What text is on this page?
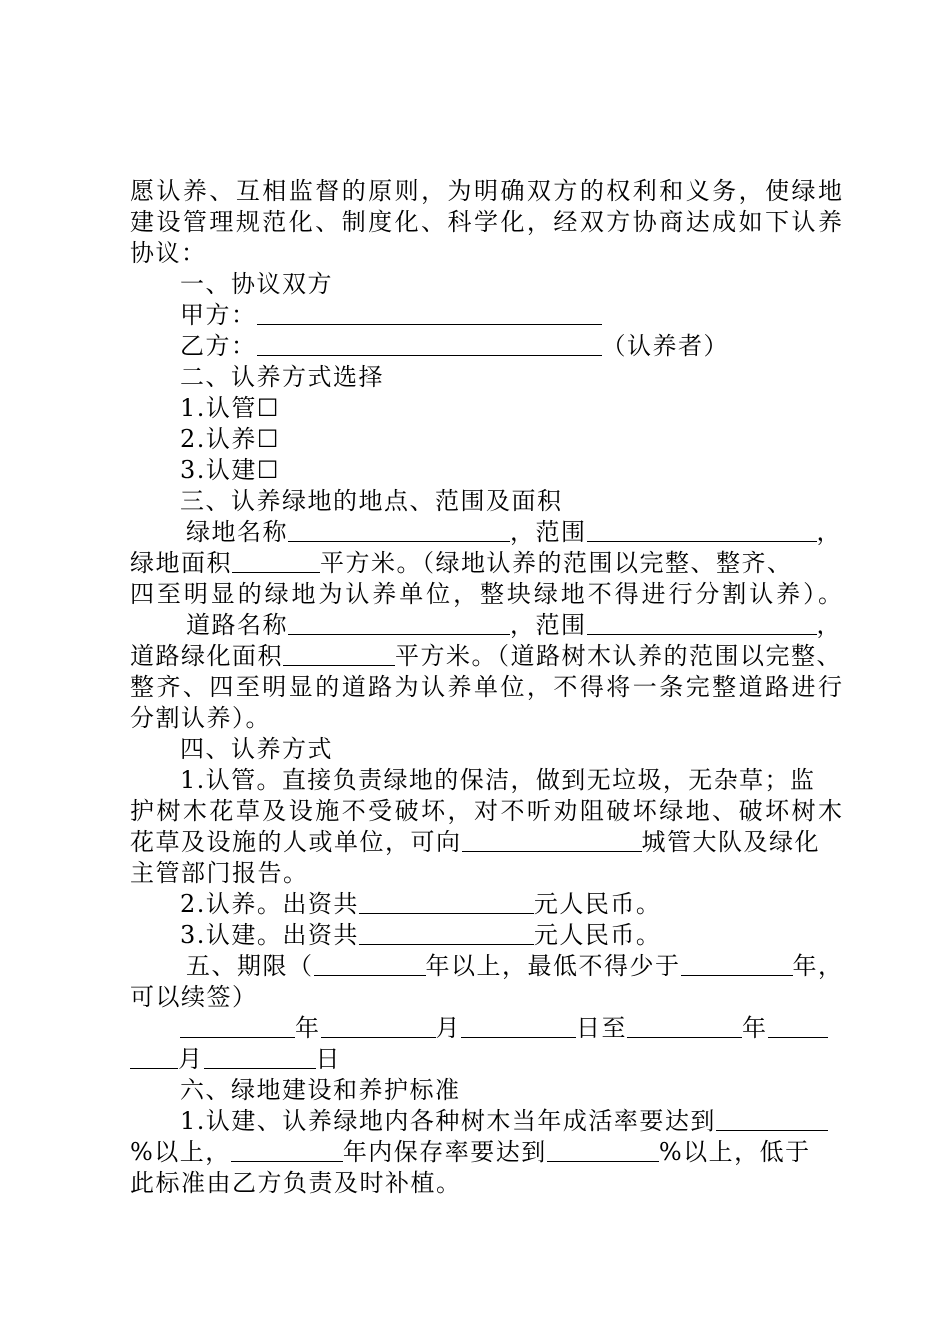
愿认养、互相监督的原则，为明确双方的权利和义务，使绿地
建设管理规范化、制度化、科学化，经双方协商达成如下认养
协议：
一、协议双方
甲方：
乙方：	（认养者）
二、认养方式选择
1.认管☐
2.认养☐
3.认建☐
三、认养绿地的地点、范围及面积
绿地名称	，范围	，
绿地面积	平方米。（绿地认养的范围以完整、整齐、
四至明显的绿地为认养单位，整块绿地不得进行分割认养）。
道路名称	，范围	，
道路绿化面积	平方米。（道路树木认养的范围以完整、
整齐、四至明显的道路为认养单位，不得将一条完整道路进行
分割认养）。
四、认养方式
1.认管。直接负责绿地的保洁，做到无垃圾，无杂草；监
护树木花草及设施不受破坏，对不听劝阻破坏绿地、破坏树木
花草及设施的人或单位，可向	城管大队及绿化
主管部门报告。
2.认养。出资共	元人民币。
3.认建。出资共	元人民币。
五、期限（	年以上，最低不得少于	年，
可以续签）
年	月	日至	年
月	日
六、绿地建设和养护标准
1.认建、认养绿地内各种树木当年成活率要达到
%以上，	年内保存率要达到	%以上，低于
此标准由乙方负责及时补植。
